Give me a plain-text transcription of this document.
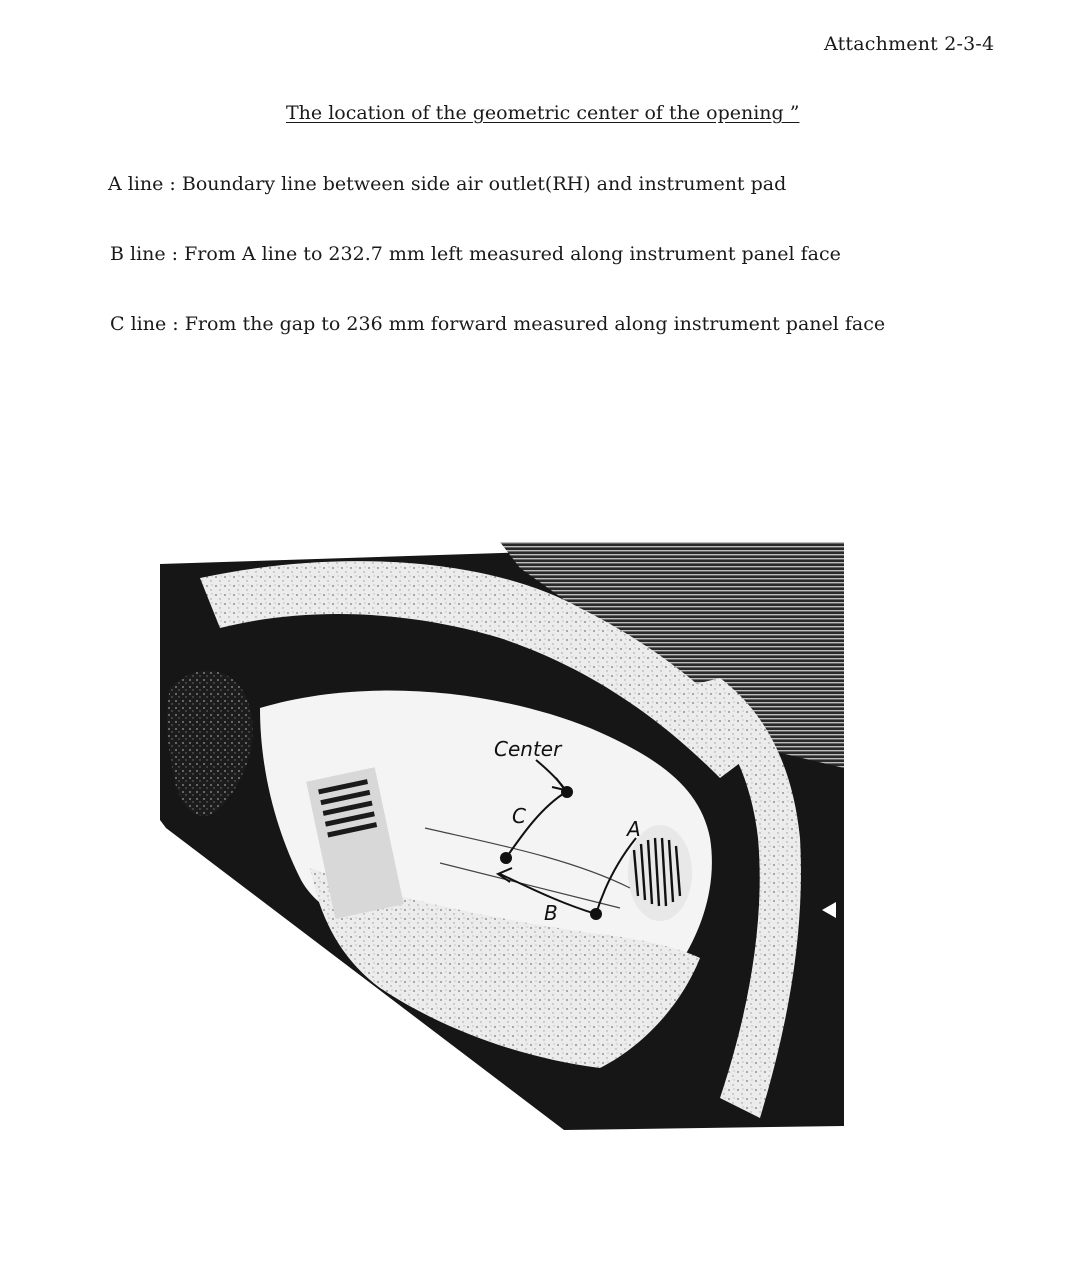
Attachment 2-3-4
The location of the geometric center of the opening ”
A line : Boundary line between side air outlet(RH) and instrument pad
B line : From A line to 232.7 mm left measured along instrument panel face
C line : From the gap to 236 mm forward measured along instrument panel face
Center
C
A
B
